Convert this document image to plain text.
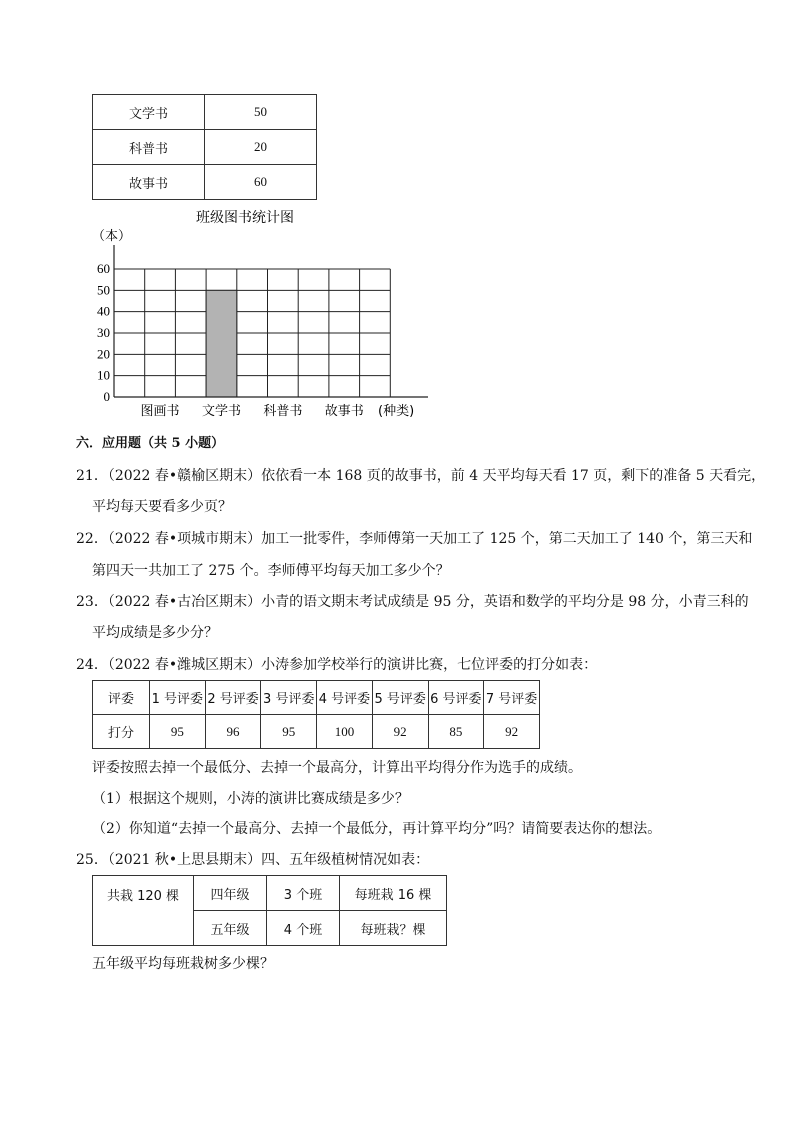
文学书	50
科普书	20
故事书	60
班级图书统计图
（本）
0
10
20
30
40
50
60
图画书 文学书 科普书 故事书 (种类)
六．应用题（共 5 小题）
21．（2022 春•赣榆区期末）依依看一本 168 页的故事书，前 4 天平均每天看 17 页，剩下的准备 5 天看完，
平均每天要看多少页？
22．（2022 春•项城市期末）加工一批零件，李师傅第一天加工了 125 个，第二天加工了 140 个，第三天和
第四天一共加工了 275 个。李师傅平均每天加工多少个？
23．（2022 春•古冶区期末）小青的语文期末考试成绩是 95 分，英语和数学的平均分是 98 分，小青三科的
平均成绩是多少分？
24．（2022 春•潍城区期末）小涛参加学校举行的演讲比赛，七位评委的打分如表：
评委	1 号评委	2 号评委	3 号评委	4 号评委	5 号评委	6 号评委	7 号评委
打分	95	96	95	100	92	85	92
评委按照去掉一个最低分、去掉一个最高分，计算出平均得分作为选手的成绩。
（1）根据这个规则，小涛的演讲比赛成绩是多少？
（2）你知道“去掉一个最高分、去掉一个最低分，再计算平均分”吗？请简要表达你的想法。
25．（2021 秋•上思县期末）四、五年级植树情况如表：
共栽 120 棵	四年级	3 个班	每班栽 16 棵
	五年级	4 个班	每班栽？棵
五年级平均每班栽树多少棵？
